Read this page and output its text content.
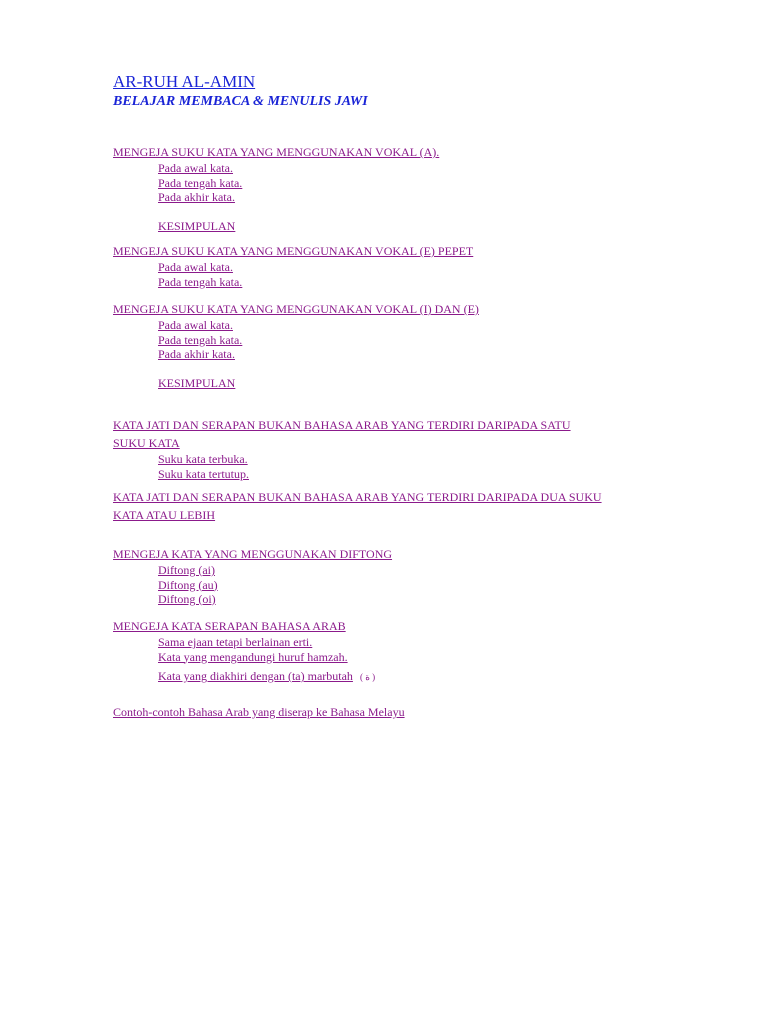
AR-RUH AL-AMIN
BELAJAR MEMBACA & MENULIS JAWI
MENGEJA SUKU KATA YANG MENGGUNAKAN VOKAL (A).
Pada awal kata.
Pada tengah kata.
Pada akhir kata.
KESIMPULAN
MENGEJA SUKU KATA YANG MENGGUNAKAN VOKAL (E) PEPET
Pada awal kata.
Pada tengah kata.
MENGEJA SUKU KATA YANG MENGGUNAKAN VOKAL (I) DAN (E)
Pada awal kata.
Pada tengah kata.
Pada akhir kata.
KESIMPULAN
KATA JATI DAN SERAPAN BUKAN BAHASA ARAB YANG TERDIRI DARIPADA SATU
SUKU KATA
Suku kata terbuka.
Suku kata tertutup.
KATA JATI DAN SERAPAN BUKAN BAHASA ARAB YANG TERDIRI DARIPADA DUA SUKU
KATA ATAU LEBIH
MENGEJA KATA YANG MENGGUNAKAN DIFTONG
Diftong (ai)
Diftong (au)
Diftong (oi)
MENGEJA KATA SERAPAN BAHASA ARAB
Sama ejaan tetapi berlainan erti.
Kata yang mengandungi huruf hamzah.
Kata yang diakhiri dengan (ta) marbutah ( ة )
Contoh-contoh Bahasa Arab yang diserap ke Bahasa Melayu
